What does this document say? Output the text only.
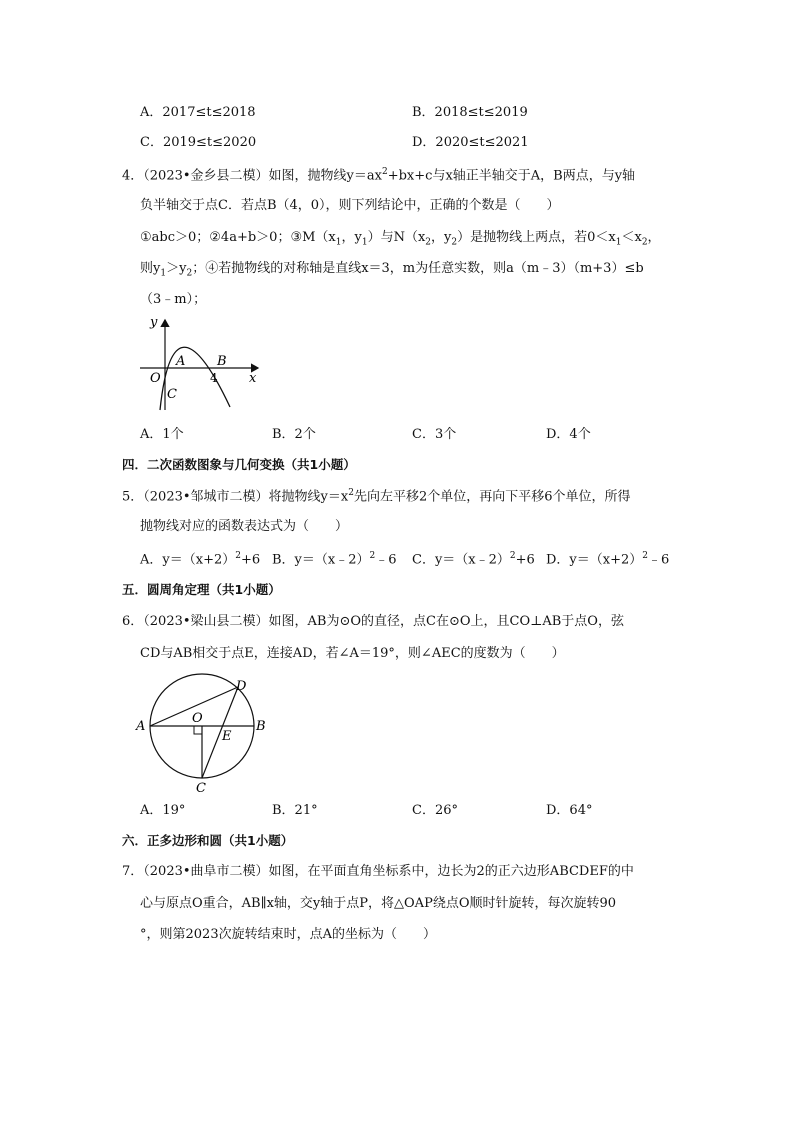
A．2017≤t≤2018	B．2018≤t≤2019
C．2019≤t≤2020	D．2020≤t≤2021
4．（2023•金乡县二模）如图，抛物线$y=ax^2+bx+c$与x轴正半轴交于A，B两点，与y轴
负半轴交于点C．若点B（4，0），则下列结论中，正确的个数是（　　）
①abc＞0；②4a+b＞0；$③M(x_1$，$y_1$）与$N(x_2$，$y_2$）是抛物线上两点，若$0<x_1<x_2$，
则$y_1>y_2$；④若抛物线的对称轴是直线x＝3，m为任意实数，则a（m﹣3）（m+3）≤b
（3﹣m）；
y
x
O
A B
C
4
A．1个	B．2个	C．3个	D．4个
四．二次函数图象与几何变换（共1小题）
5．（2023•邹城市二模）将抛物线$y=x^2$先向左平移2个单位，再向下平移6个单位，所得
抛物线对应的函数表达式为（　　）
A．$y=(x+2)^2+6$ B．y＝（x﹣2）$^2$﹣6 C．y＝（x﹣2）$^2$+6 D．$y=(x+2)^2﹣6$
五．圆周角定理（共1小题）
6．（2023•梁山县二模）如图，AB为⊙O的直径，点C在⊙O上，且CO⊥AB于点O，弦
CD与AB相交于点E，连接AD，若∠A＝19°，则∠AEC的度数为（　　）
A	B
C
D
E
O
A．19°	B．21°	C．26°	D．64°
六．正多边形和圆（共1小题）
7．（2023•曲阜市二模）如图，在平面直角坐标系中，边长为2的正六边形ABCDEF的中
心与原点O重合，AB∥x轴，交y轴于点P，将△OAP绕点O顺时针旋转，每次旋转90
°，则第2023次旋转结束时，点A的坐标为（　　）
